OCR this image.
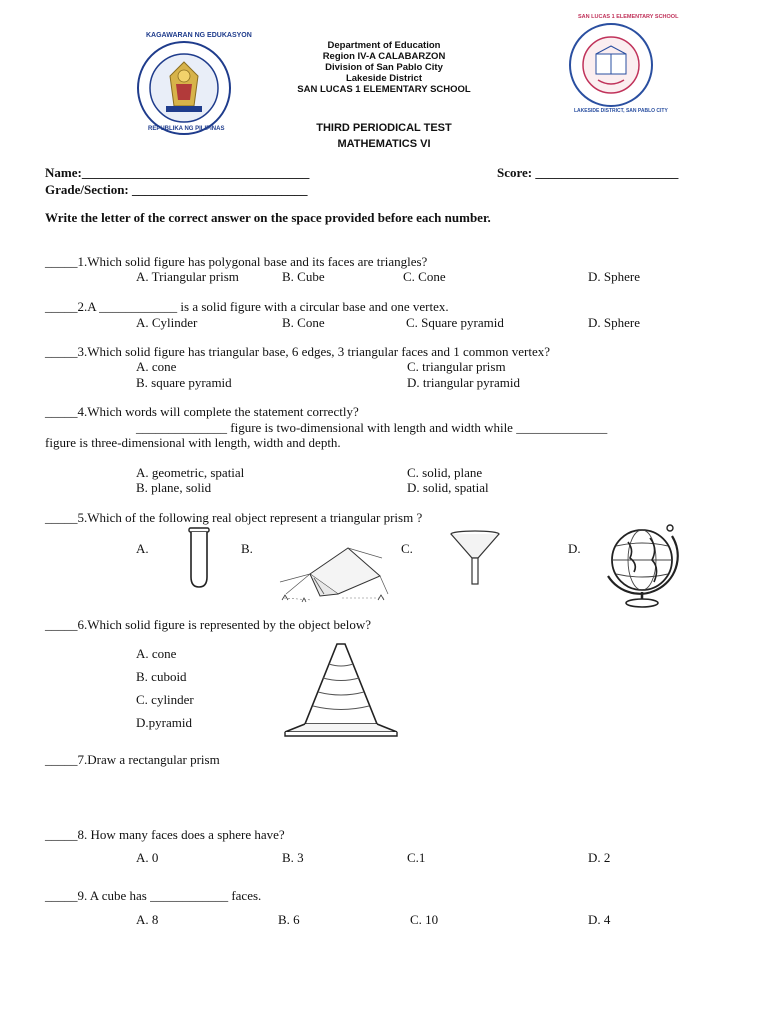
KAGAWARAN NG EDUKASYON
REPUBLIKA NG PILIPINAS
SAN LUCAS 1 ELEMENTARY SCHOOL
LAKESIDE DISTRICT, SAN PABLO CITY
Department of Education
Region IV-A CALABARZON
Division of San Pablo City
Lakeside District
SAN LUCAS 1 ELEMENTARY SCHOOL
THIRD PERIODICAL TEST
MATHEMATICS VI
Name:___________________________________	Score: ______________________
Grade/Section: ___________________________
Write the letter of the correct answer on the space provided before each number.
_____1.Which solid figure has polygonal base and its faces are triangles?
A. Triangular prism	B. Cube	C. Cone	D. Sphere
_____2.A ____________ is a solid figure with a circular base and one vertex.
A. Cylinder	B. Cone	C. Square pyramid	D. Sphere
_____3.Which solid figure has triangular base, 6 edges, 3 triangular faces and 1 common vertex?
A. cone	C. triangular prism
B. square pyramid	D. triangular pyramid
_____4.Which words will complete the statement correctly?
______________ figure is two-dimensional with length and width while ______________
figure is three-dimensional with length, width and depth.
A. geometric, spatial	C. solid, plane
B. plane, solid	D. solid, spatial
_____5.Which of the following real object represent a triangular prism ?
A.	B.	C.	D.
_____6.Which solid figure is represented by the object below?
A. cone
B. cuboid
C. cylinder
D.pyramid
_____7.Draw a rectangular prism
_____8. How many faces does a sphere have?
A. 0	B. 3	C.1	D. 2
_____9. A cube has ____________ faces.
A. 8	B. 6	C. 10	D. 4
